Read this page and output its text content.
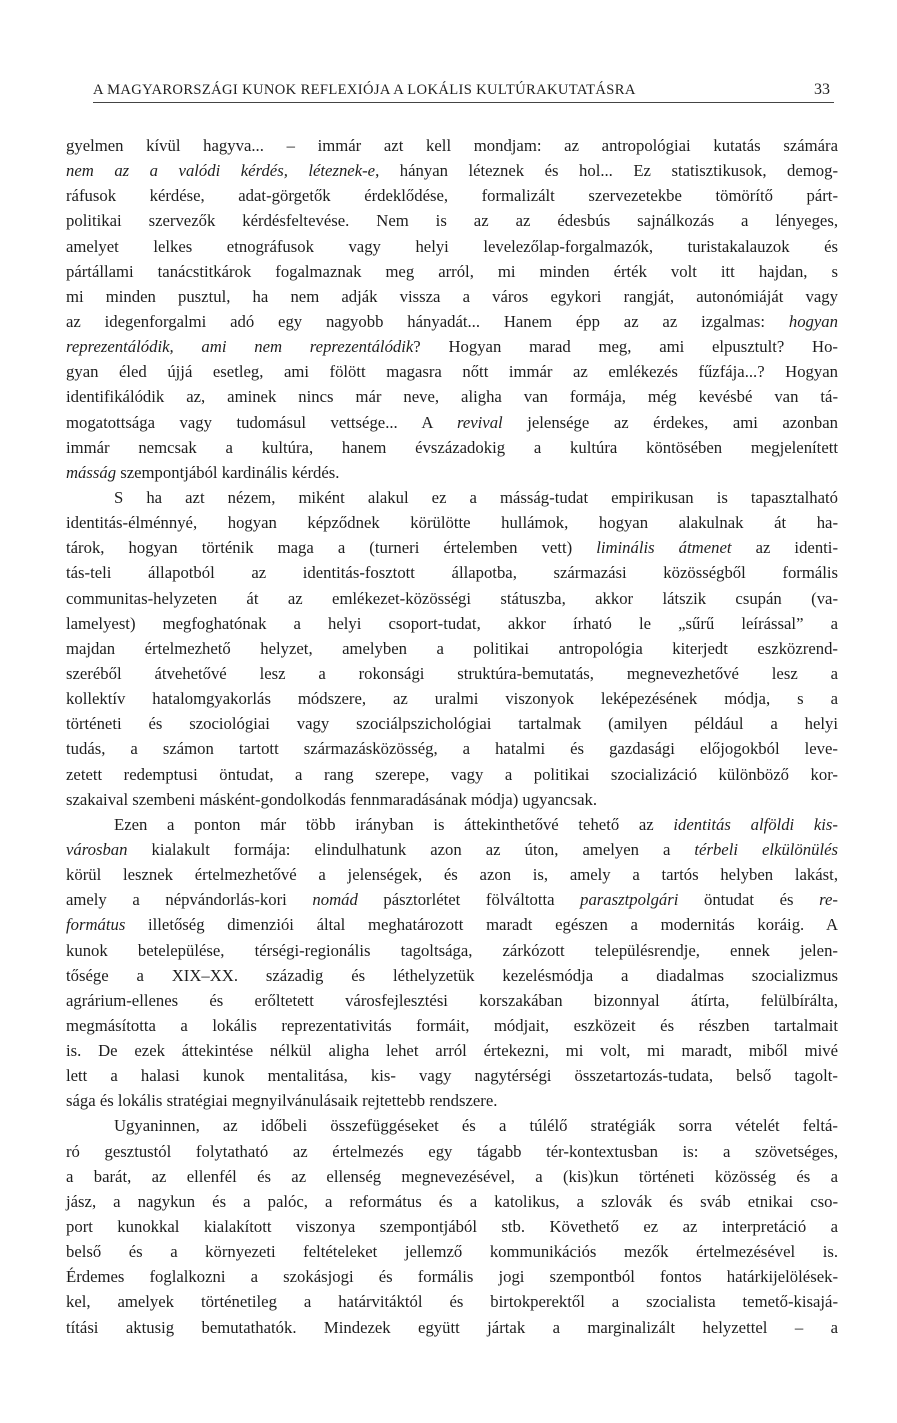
A MAGYARORSZÁGI KUNOK REFLEXIÓJA A LOKÁLIS KULTÚRAKUTATÁSRA	33
gyelmen kívül hagyva... – immár azt kell mondjam: az antropológiai kutatás számára
nem az a valódi kérdés, léteznek-e, hányan léteznek és hol... Ez statisztikusok, demog-
ráfusok kérdése, adat-görgetők érdeklődése, formalizált szervezetekbe tömörítő párt-
politikai szervezők kérdésfeltevése. Nem is az az édesbús sajnálkozás a lényeges,
amelyet lelkes etnográfusok vagy helyi levelezőlap-forgalmazók, turistakalauzok és
pártállami tanácstitkárok fogalmaznak meg arról, mi minden érték volt itt hajdan, s
mi minden pusztul, ha nem adják vissza a város egykori rangját, autonómiáját vagy
az idegenforgalmi adó egy nagyobb hányadát... Hanem épp az az izgalmas: hogyan
reprezentálódik, ami nem reprezentálódik? Hogyan marad meg, ami elpusztult? Ho-
gyan éled újjá esetleg, ami fölött magasra nőtt immár az emlékezés fűzfája...? Hogyan
identifikálódik az, aminek nincs már neve, aligha van formája, még kevésbé van tá-
mogatottsága vagy tudomásul vettsége... A revival jelensége az érdekes, ami azonban
immár nemcsak a kultúra, hanem évszázadokig a kultúra köntösében megjelenített
másság szempontjából kardinális kérdés.
S ha azt nézem, miként alakul ez a másság-tudat empirikusan is tapasztalható
identitás-élménnyé, hogyan képződnek körülötte hullámok, hogyan alakulnak át ha-
tárok, hogyan történik maga a (turneri értelemben vett) liminális átmenet az identi-
tás-teli állapotból az identitás-fosztott állapotba, származási közösségből formális
communitas-helyzeten át az emlékezet-közösségi státuszba, akkor látszik csupán (va-
lamelyest) megfoghatónak a helyi csoport-tudat, akkor írható le „sűrű leírással” a
majdan értelmezhető helyzet, amelyben a politikai antropológia kiterjedt eszközrend-
szeréből átvehetővé lesz a rokonsági struktúra-bemutatás, megnevezhetővé lesz a
kollektív hatalomgyakorlás módszere, az uralmi viszonyok leképezésének módja, s a
történeti és szociológiai vagy szociálpszichológiai tartalmak (amilyen például a helyi
tudás, a számon tartott származásközösség, a hatalmi és gazdasági előjogokból leve-
zetett redemptusi öntudat, a rang szerepe, vagy a politikai szocializáció különböző kor-
szakaival szembeni másként-gondolkodás fennmaradásának módja) ugyancsak.
Ezen a ponton már több irányban is áttekinthetővé tehető az identitás alföldi kis-
városban kialakult formája: elindulhatunk azon az úton, amelyen a térbeli elkülönülés
körül lesznek értelmezhetővé a jelenségek, és azon is, amely a tartós helyben lakást,
amely a népvándorlás-kori nomád pásztorlétet fölváltotta parasztpolgári öntudat és re-
formátus illetőség dimenziói által meghatározott maradt egészen a modernitás koráig. A
kunok betelepülése, térségi-regionális tagoltsága, zárkózott településrendje, ennek jelen-
tősége a XIX–XX. századig és léthelyzetük kezelésmódja a diadalmas szocializmus
agrárium-ellenes és erőltetett városfejlesztési korszakában bizonnyal átírta, felülbírálta,
megmásította a lokális reprezentativitás formáit, módjait, eszközeit és részben tartalmait
is. De ezek áttekintése nélkül aligha lehet arról értekezni, mi volt, mi maradt, miből mivé
lett a halasi kunok mentalitása, kis- vagy nagytérségi összetartozás-tudata, belső tagolt-
sága és lokális stratégiai megnyilvánulásaik rejtettebb rendszere.
Ugyaninnen, az időbeli összefüggéseket és a túlélő stratégiák sorra vételét feltá-
ró gesztustól folytatható az értelmezés egy tágabb tér-kontextusban is: a szövetséges,
a barát, az ellenfél és az ellenség megnevezésével, a (kis)kun történeti közösség és a
jász, a nagykun és a palóc, a református és a katolikus, a szlovák és sváb etnikai cso-
port kunokkal kialakított viszonya szempontjából stb. Követhető ez az interpretáció a
belső és a környezeti feltételeket jellemző kommunikációs mezők értelmezésével is.
Érdemes foglalkozni a szokásjogi és formális jogi szempontból fontos határkijelölések-
kel, amelyek történetileg a határvitáktól és birtokperektől a szocialista temető-kisajá-
títási aktusig bemutathatók. Mindezek együtt jártak a marginalizált helyzettel – a
